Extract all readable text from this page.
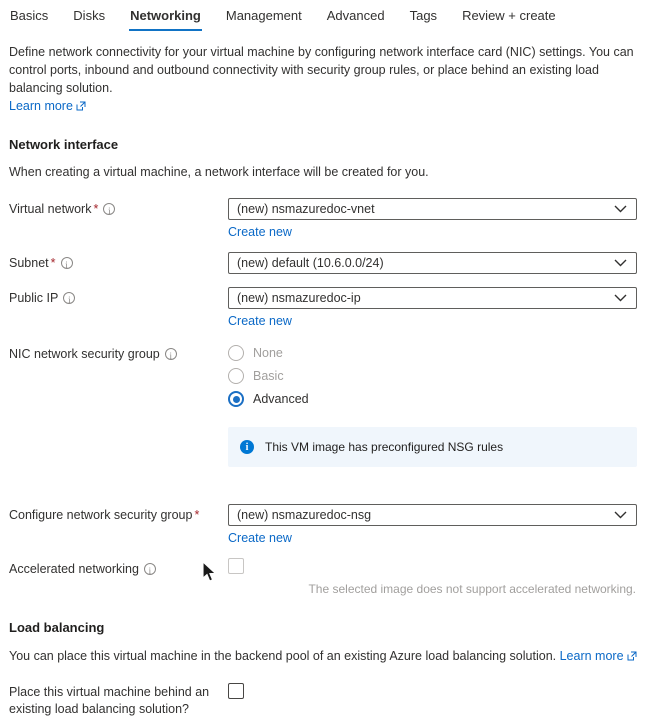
Basics Disks Networking Management Advanced Tags Review + create
Define network connectivity for your virtual machine by configuring network interface card (NIC) settings. You can control ports, inbound and outbound connectivity with security group rules, or place behind an existing load balancing solution.
Learn more
Network interface
When creating a virtual machine, a network interface will be created for you.
Virtual network * i	(new) nsmazuredoc-vnet
Create new
Subnet * i	(new) default (10.6.0.0/24)
Public IP i	(new) nsmazuredoc-ip
Create new
NIC network security group i	None
Basic
Advanced
i	This VM image has preconfigured NSG rules
Configure network security group *	(new) nsmazuredoc-nsg
Create new
Accelerated networkingi
The selected image does not support accelerated networking.
Load balancing
You can place this virtual machine in the backend pool of an existing Azure load balancing solution. Learn more
Place this virtual machine behind an existing load balancing solution?
